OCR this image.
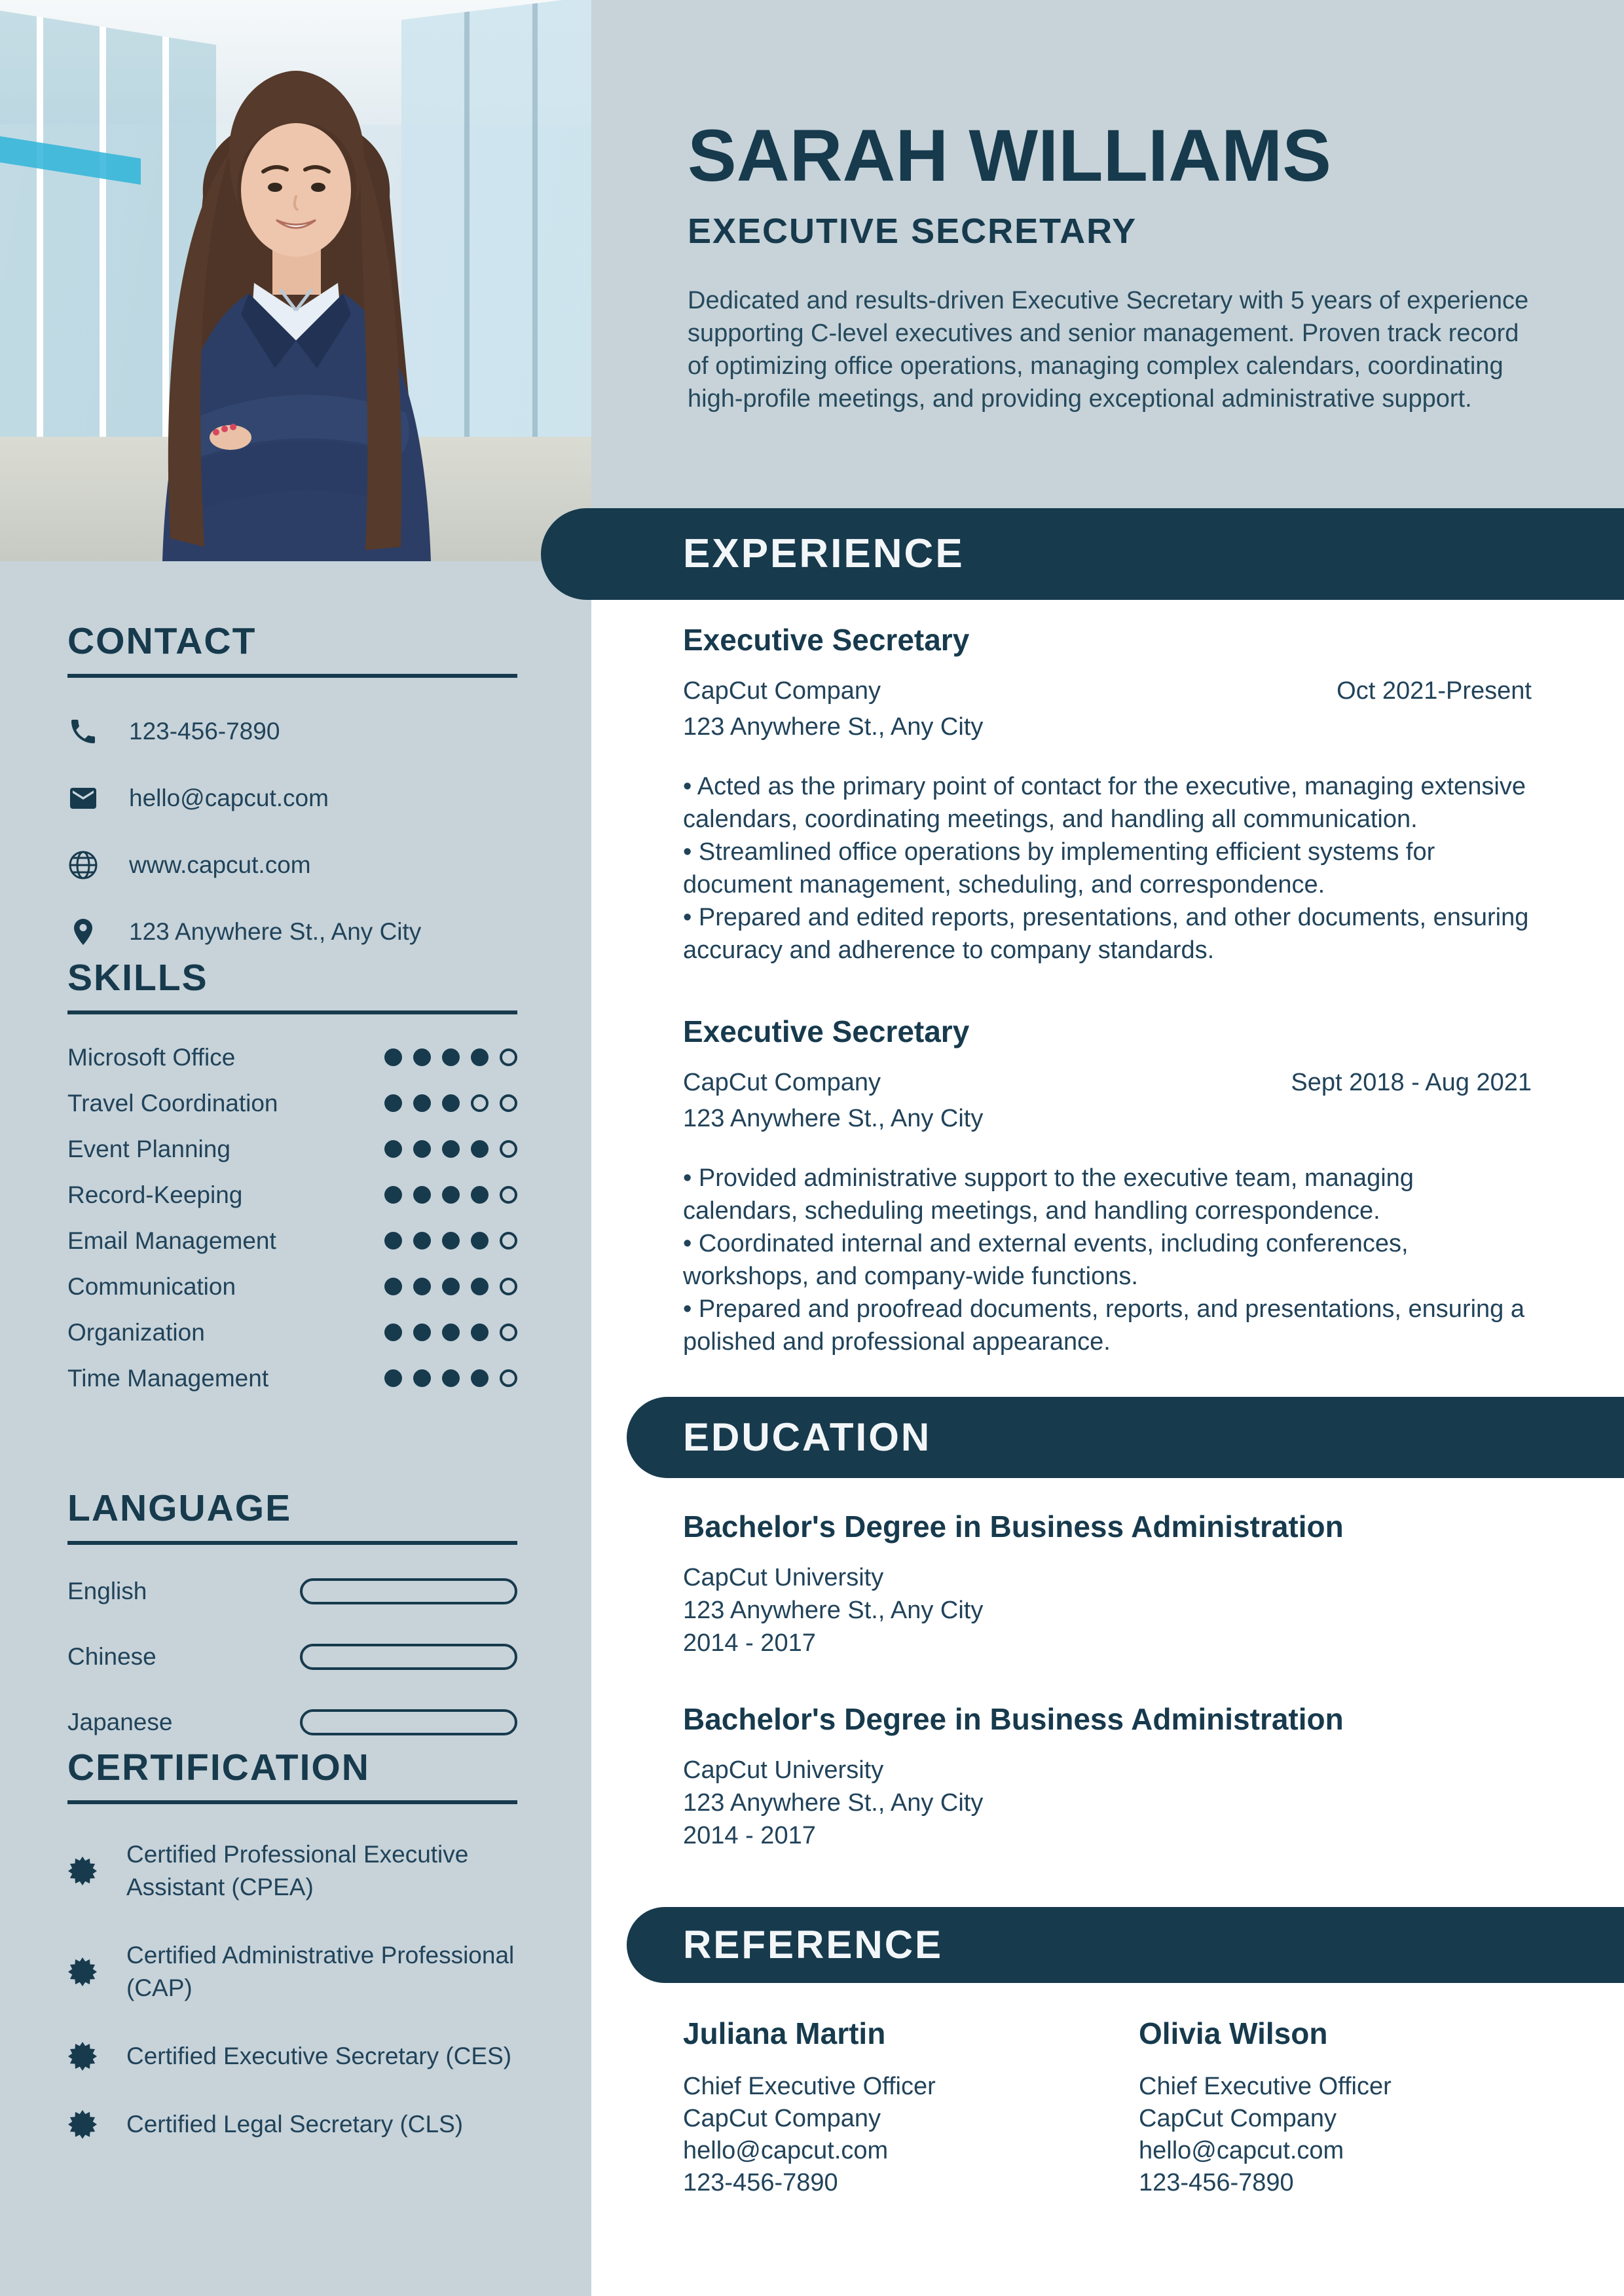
SARAH WILLIAMS
EXECUTIVE SECRETARY

Dedicated and results-driven Executive Secretary with 5 years of experience supporting C-level executives and senior management. Proven track record of optimizing office operations, managing complex calendars, coordinating high-profile meetings, and providing exceptional administrative support.

EXPERIENCE
EDUCATION
REFERENCE
Executive Secretary
CapCut Company	Oct 2021-Present
123 Anywhere St., Any City
• Acted as the primary point of contact for the executive, managing extensive calendars, coordinating meetings, and handling all communication.
• Streamlined office operations by implementing efficient systems for document management, scheduling, and correspondence.
• Prepared and edited reports, presentations, and other documents, ensuring accuracy and adherence to company standards.
Executive Secretary
CapCut Company	Sept 2018 - Aug 2021
123 Anywhere St., Any City
• Provided administrative support to the executive team, managing calendars, scheduling meetings, and handling correspondence.
• Coordinated internal and external events, including conferences, workshops, and company-wide functions.
• Prepared and proofread documents, reports, and presentations, ensuring a polished and professional appearance.
Bachelor's Degree in Business Administration
CapCut University
123 Anywhere St., Any City
2014 - 2017
Bachelor's Degree in Business Administration
CapCut University
123 Anywhere St., Any City
2014 - 2017
Juliana Martin
Chief Executive Officer
CapCut Company
hello@capcut.com
123-456-7890
Olivia Wilson
Chief Executive Officer
CapCut Company
hello@capcut.com
123-456-7890
CONTACT
123-456-7890
hello@capcut.com
www.capcut.com
123 Anywhere St., Any City
SKILLS
Microsoft Office
Travel Coordination
Event Planning
Record-Keeping
Email Management
Communication
Organization
Time Management
LANGUAGE
English
Chinese
Japanese
CERTIFICATION
Certified Professional Executive Assistant (CPEA)
Certified Administrative Professional (CAP)
Certified Executive Secretary (CES)
Certified Legal Secretary (CLS)
